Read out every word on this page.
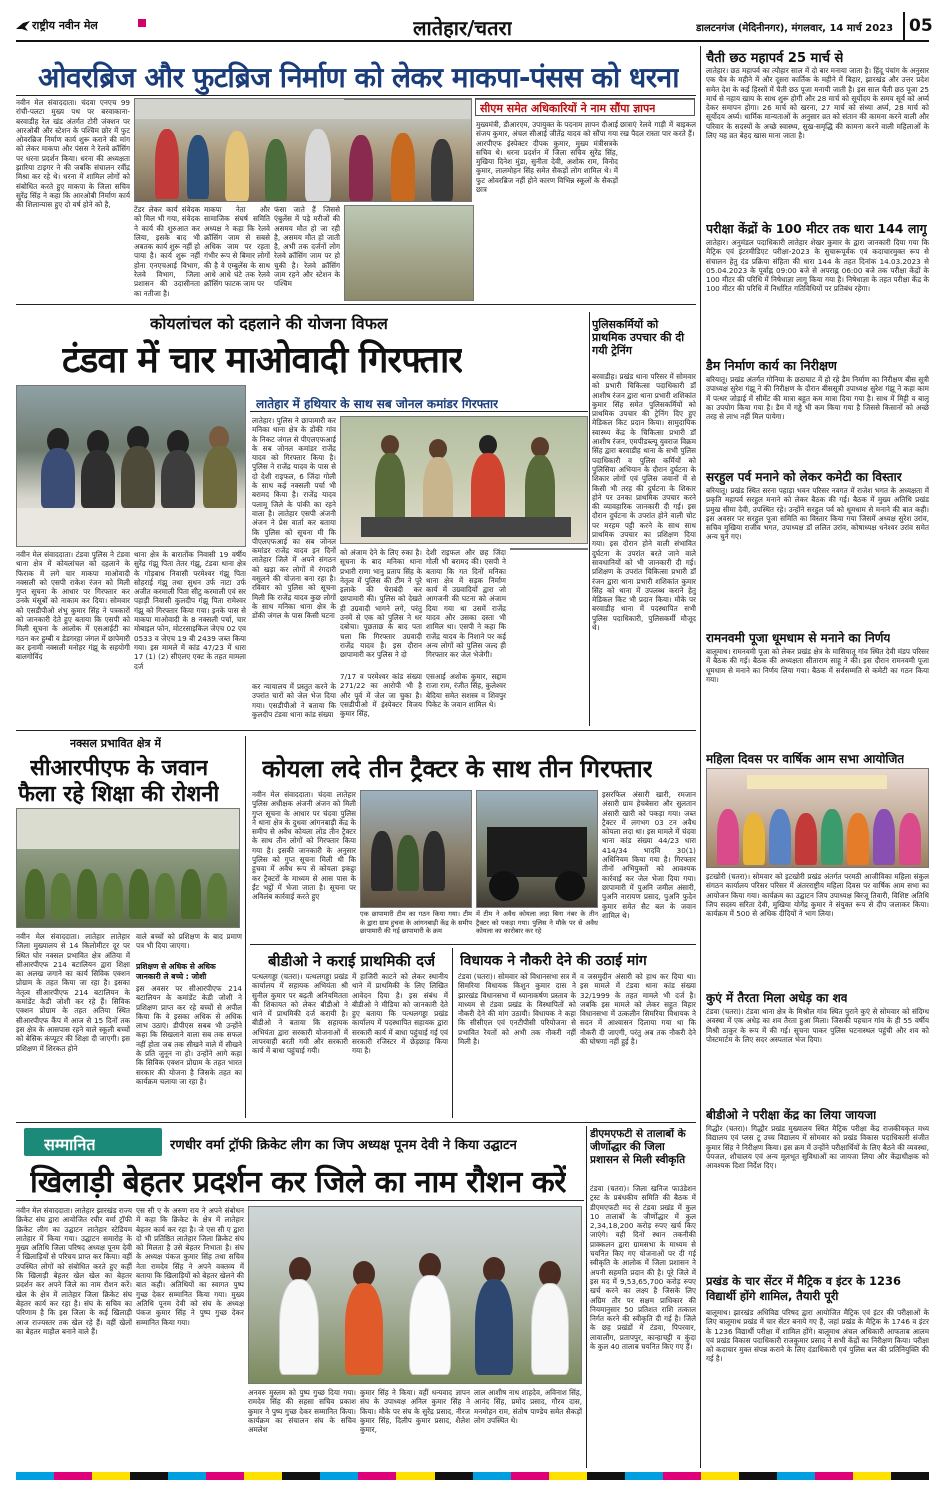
राष्ट्रीय नवीन मेल	लातेहार/चतरा	डालटनगंज (मेदिनीनगर), मंगलवार, 14 मार्च 2023 05
ओवरब्रिज और फुटब्रिज निर्माण को लेकर माकपा-पंसस को धरना
नवीन मेल संवाददाता। चंदवा एनएच 99 रांची-पलटा मुख्य पथ पर बरवाकाना- बरवाडीह रेल खंड अंतर्गत टोरी जंक्शन पर आरओबी और स्टेशन के पश्चिम छोर में फुट ओवरब्रिज निर्माण कार्य शुरू कराने की मांग को लेकर माकपा और पंसस ने रेलवे क्रॉसिंग पर धरना प्रदर्शन किया। धरना की अध्यक्षता झारिया टाइगर ने की जबकि संचालन रवींद्र मिश्रा कर रहे थे। धरना में शामिल लोगों को संबोधित करते हुए माकपा के जिला सचिव सुरेंद्र सिंह ने कहा कि आरओबी निर्माण कार्य की शिलान्यास हुए दो वर्ष होने को है,
सीएम समेत अधिकारियों ने नाम सौंपा ज्ञापन
टेंडर लेकर कार्य संवेदक को मिल भी गया, संवेदक ने कार्य की शुरुआत कर लिया, इसके बाद भी अबतक कार्य शुरू नहीं हो पाया है। कार्य शुरू नहीं होना एनएचआई विभाग, रेलवे विभाग, जिला प्रशासन की उदासीनता का नतीजा है।
माकपा नेता और सामाजिक संघर्ष समिति अध्यक्ष ने कहा कि रेलवे क्रॉसिंग जाम से सबसे अधिक जाम पर रहता गंभीर रूप से बिमार लोगों की है वे एम्बुलेंस के साथ आधे आधे घंटे तक रेलवे क्रॉसिंग फाटक जाम पर
फंसा जाते हैं जिससे एंबुलेंस में पड़े मरीजों की असमय मौत हो जा रही है, असमय मौत हो जाती है, अभी तक दर्जनों लोग रेलवे क्रॉसिंग जाम पर हो चुकी है। रेलवे क्रॉसिंग जाम रहने और स्टेशन के पश्चिम
मुख्यमंत्री, डीआरएम, उपायुक्त के पदनाम ज्ञापन दीआई संजय कुमार, अंचल सीआई जीतेंद्र यादव को सौंपा गया आरपीएफ इंस्पेक्टर दीपक कुमार, मुख्य मंत्रीसत्रके सचिव थे। धरना प्रदर्शन में जिला सचिव सुरेंद्र सिंह, मुखिया दिनेश मुंडा, सुनीता देवी, अशोक राम, विनोद कुमार, लालमोहन सिंह समेत सैकड़ों लोग शामिल थे। में फुट ओवरब्रिज नहीं होने कारण विभिन्न स्कूलों के सैकड़ों छात्र
छात्राएं रेलवे गाड़ी में बाइकल रख पैदल रास्ता पार करते हैं।
कोयलांचल को दहलाने की योजना विफल
टंडवा में चार माओवादी गिरफ्तार
नवीन मेल संवाददाता। टंडवा पुलिस ने टंडवा थाना क्षेत्र में कोयलांचल को दहलाने के फिराक में लगे चार माकपा माओवादी नक्सली को एसपी राकेश रंजन को मिली गुप्त सूचना के आधार पर गिरफ्तार कर उनके मंसूबों को नाकाम कर दिया। सोमवार को एसडीपीओ शंभु कुमार सिंह ने पत्रकारों को जानकारी देते हुए बताया कि एसपी को मिली सूचना के आलोक में एसआईटी का गठन कर हुम्बी व डेडगरहा जंगल में छापेमारी कर इनामी नक्सली मनोहर गंझू के सहयोगी बालगोविंद
थाना क्षेत्र के बारातोंक निवासी 19 वर्षीय सुरेंद्र गंझू पिता तेतर गंझू, टंडवा थाना क्षेत्र के गोड़बाध निवासी परमेश्वर गंझू पिता सोहराई गंझू तथा सुधन उर्फ नाटा उर्फ अजीत करमाली पिता सीटु करमाली एवं सर पहाड़ी निवासी कुलदीप गंझू पिता रामेश्वर गंझू को गिरफ्तार किया गया। इनके पास से माकपा माओवादी के 8 नक्सली पर्चा, चार मोबाइल फोन, मोटरसाइकिल जेएच 02 एव 0533 व जेएच 19 बी 2439 जब्त किया गया। इस मामले में कांड 47/23 में धारा 17 (1) (2) सीएलए एक्ट के तहत मामला दर्ज
लातेहार में हथियार के साथ सब जोनल कमांडर गिरफ्तार
लातेहार। पुलिस ने छापामारी कर मनिका थाना क्षेत्र के डोंकी गांव के निकट जंगल से पीएलएफआई के सब जोनल कमांडर राजेंद्र यादव को गिरफ्तार किया है। पुलिस ने राजेंद्र यादव के पास से दो देशी राइफल, 6 जिंदा गोली के साथ कई नक्सली पर्चा भी बरामद किया है। राजेंद्र यादव पलामू जिले के पांकी का रहने वाला है। लातेहार एसपी अंजनी अंजन ने प्रेस वार्ता कर बताया कि पुलिस को सूचना मी कि पीएलएफआई का सब जोनल कमांडर राजेंद्र यादव इन दिनों लातेहार जिले में अपने संगठन को खड़ा कर लोगों में रंगदारी वसूलने की योजना बना रहा है। रविवार को पुलिस को सूचना मिली कि राजेंद्र यादव कुछ लोगों के साथ मनिका थाना क्षेत्र के डोंकी जंगल के पास किसी घटना
को अंजाम देने के लिए रुका है। सूचना के बाद मनिका थाना प्रभारी राणा भानु प्रताप सिंह के नेतृत्व में पुलिस की टीम ने पूरे इलाके की घेराबंदी कर छापामारी की। पुलिस को देखते ही उग्रवादी भागने लगे, परंतु उनमें से एक को पुलिस ने धर दबोचा। पूछताछ के बाद पता चला कि गिरफ्तार उग्रवादी राजेंद्र यादव है। इस दौरान छापामारी कर पुलिस ने दो
देशी राइफल और छह जिंदा गोली भी बरामद की। एसपी ने बताया कि गत दिनों मनिका थाना क्षेत्र में सड़क निर्माण कार्य में उग्रवादियों द्वारा जो आगजनी की घटना को अंजाम दिया गया था उसमें राजेंद्र यादव और उसका दस्ता भी शामिल था। एसपी ने कहा कि राजेंद्र यादव के निशाने पर कई अन्य लोगों को पुलिस जल्द ही गिरफ्तार कर जेल भेजेगी।
कर न्यायालय में प्रस्तुत करने के उपरांत चारों को जेल भेज दिया गया। एसडीपीओ ने बताया कि कुलदीप टंडवा थाना कांड संख्या
7/17 व परमेश्वर कांड संख्या 271/22 का आरोपी भी है और पूर्व में जेल जा चुका है। एसडीपीओ में इंस्पेक्टर विजय कुमार सिंह,
एसआई अशोक कुमार, सद्दाम राजा राम, रंजीत सिंह, कुलेश्वर बेदिया समेत सशस्त्र व शिवपुर पिकेट के जवान शामिल थे।
पुलिसकर्मियों को प्राथमिक उपचार की दी गयी ट्रेनिंग
बरवाडीह। प्रखंड थाना परिसर में सोमवार को प्रभारी चिकित्सा पदाधिकारी डॉ आशीष रंजन द्वारा थाना प्रभारी शशिकांत कुमार सिंह समेत पुलिसकर्मियों को प्राथमिक उपचार की ट्रेनिंग दिए हुए मेडिकल किट प्रदान किया। सामुदायिक स्वास्थ्य केंद्र के चिकित्सा प्रभारी डॉ आशीष रंजन, एमपीडब्ल्यू युवराज विक्रम सिंह द्वारा बरवाडीह थाना के सभी पुलिस पदाधिकारी व पुलिस कर्मियों को पुलिसिया अभियान के दौरान दुर्घटना के शिकार लोगों एवं पुलिस जवानों में से किसी भी तरह की दुर्घटना के शिकार होने पर उनका प्राथमिक उपचार करने की व्यावहारिक जानकारी दी गई। इस दौरान दुर्घटना के उपरांत होने वाली चोट पर मरहम पट्टी करने के साथ साथ प्राथमिक उपचार का प्रशिक्षण दिया गया। इस दौरान होने वाली संभावित दुर्घटना के उपरांत बरते जाने वाले सावधानियों को भी जानकारी दी गई। प्रशिक्षण के उपरांत चिकित्सा प्रभारी डॉ रंजन द्वारा थाना प्रभारी शशिकांत कुमार सिंह को थाना में उपलब्ध कराने हेतु मेडिकल किट भी प्रदान किया। मौके पर बरवाडीह थाना में पदस्थापित सभी पुलिस पदाधिकारी, पुलिसकर्मी मौजूद थे।
नक्सल प्रभावित क्षेत्र में
सीआरपीएफ के जवान
फैला रहे शिक्षा की रोशनी
नवीन मेल संवाददाता। लातेहार लातेहार जिला मुख्यालय से 14 किलोमीटर दूर पर स्थित घोर नक्सल प्रभावित क्षेत्र अंतिया में सीआरपीएफ 214 बटालियन द्वारा शिक्षा का अलख जगाने का कार्य सिविक एक्शन प्रोग्राम के तहत किया जा रहा है। इसका नेतृत्व सीआरपीएफ 214 बटालियन के कमांडेंट केडी जोशी कर रहे हैं। सिविक एक्शन प्रोग्राम के तहत अतिया स्थित सीआरपीएफ कैंप में आज से 15 दिनों तक इस क्षेत्र के आसपास रहने वाले स्कूली बच्चों को बेसिक कंप्यूटर की शिक्षा दी जाएगी। इस प्रशिक्षण में शिरकत होने
वाले बच्चों को प्रशिक्षण के बाद प्रमाण पत्र भी दिया जाएगा।
प्रशिक्षण से अधिक से अधिक जानकारी ले बच्चे : जोशी
इस अवसर पर सीआरपीएफ 214 बटालियन के कमांडेंट केडी जोशी ने प्रशिक्षण प्राप्त कर रहे बच्चों से अपील किया कि वे इसका अधिक से अधिक लाभ उठाएं। डीपीएस सबब भी उन्होंने कहा कि सिखलाने वाला सब तक सफल नहीं होता जब तक सीखने वाले में सीखने के प्रति जुनून ना हो। उन्होंने आगे कहा कि सिविक एक्शन प्रोग्राम के तहत भारत सरकार की योजना है जिसके तहत का कार्यक्रम चलाया जा रहा है।
कोयला लदे तीन ट्रैक्टर के साथ तीन गिरफ्तार
नवीन मेल संवाददाता। चंदवा लातेहार पुलिस अधीक्षक अंजनी अंजन को मिली गुप्त सूचना के आधार पर चंदवा पुलिस ने थाना क्षेत्र के दुधवा आंगनबाड़ी केंद्र के समीप से अवैध कोयला लोड तीन ट्रैक्टर के साथ तीन लोगों को गिरफ्तार किया गया है। इसकी जानकारी के अनुसार पुलिस को गुप्त सूचना मिली थी कि हुचवा में अवैध रूप से कोयला इकट्ठा कर ट्रैक्टरों के माध्यम से आस पास के ईंट भट्ठों में भेजा जाता है। सूचना पर अविलंब कार्रवाई करते हुए
एक छापामारी टीम का गठन किया गया। टीम के द्वारा ग्राम हुचवा के आंगनबाड़ी केंद्र के समीप छापामारी की गई छापामारी के क्रम
में टीम ने अवैध कोयला लदा बिना नंबर के तीन ट्रैक्टर को पकड़ा गया। पुलिस ने मौके पर से अवैध कोयला का कारोबार कर रहे
इसरफिल अंसारी खारी, रमजान अंसारी ग्राम हेचबेसरा और सुलतान अंसारी खारी को पकड़ा गया। जब्त ट्रैक्टर में लगभग 03 टन अवैध कोयला लदा था। इस मामले में चंदवा थाना कांड संख्या 44/23 धारा 414/34 भादवि 30(1) अधिनियम किया गया है। गिरफ्तार तीनों अभियुक्तों को आवश्यक कार्रवाई कर जेल भेजा दिया गया। छापामारी में पुअनि जमील अंसारी, पुअनि नारायण प्रसाद, पुअनि फुदेन कुमार समेत सैट बल के जवान शामिल थे।
बीडीओ ने कराई प्राथमिकी दर्ज
पत्थलगड्डा (चतरा)। पत्थलगड्डा प्रखंड कार्यालय में सहायक अभियंता श्री सुनील कुमार पर बढ़ती अनियमितता की शिकायत को लेकर बीडीओ ने थाने में प्राथमिकी दर्ज करायी है। बीडीओ ने बताया कि सहायक अभियंता द्वारा सरकारी योजनाओं में लापरवाही बरती गयी और सरकारी कार्य में बाधा पहुंचाई गयी।
में हाजिरी काटने को लेकर स्थानीय थाने में प्राथमिकी के लिए लिखित आवेदन दिया है। इस संबंध में बीडीओ ने मीडिया को जानकारी देते हुए बताया कि पत्थलगड्डा प्रखंड कार्यालय में पदस्थापित सहायक द्वारा सरकारी कार्य में बाधा पहुंचाई गई एवं सरकारी रजिस्टर में छेड़छाड़ किया गया है।
विधायक ने नौकरी देने की उठाई मांग
टंडवा (चतरा)। सोमवार को विधानसभा सत्र में सिमरिया विधायक किशुन कुमार दास ने झारखंड विधानसभा में ध्यानाकर्षण प्रस्ताव के माध्यम से टंडवा प्रखंड के विस्थापितों को नौकरी देने की मांग उठायी। विधायक ने कहा कि सीसीएल एवं एनटीपीसी परियोजना से प्रभावित रैयतों को अभी तक नौकरी नहीं मिली है।
व जसमुदीन अंसारी को हाथ कर दिया था। इस मामले में टंडवा थाना कांड संख्या 32/1999 के तहत मामले भी दर्ज है। जबकि इस मामले को लेकर सहुत विहार विधानसभा में उत्कलीन सिमरिया विधायक ने सदन में आश्वासन दिलाया गया था कि नौकरी दी जाएगी, परंतु अब तक नौकरी देने की घोषणा नहीं हुई है।
सम्मानित	रणधीर वर्मा ट्रॉफी क्रिकेट लीग का जिप अध्यक्ष पूनम देवी ने किया उद्घाटन
खिलाड़ी बेहतर प्रदर्शन कर जिले का नाम रौशन करें
नवीन मेल संवाददाता। लातेहार झारखंड राज्य क्रिकेट संघ द्वारा आयोजित रघीर वर्मा ट्रॉफी क्रिकेट लीग का उद्घाटन लातेहार स्टेडियम लातेहार में किया गया। उद्घाटन समारोह के मुख्य अतिथि जिला परिषद अध्यक्ष पूनम देवी ने खिलाड़ियों से परिचय प्राप्त कर किया। वहीं उपस्थित लोगों को संबोधित करते हुए कहीं कि खिलाड़ी बेहतर खेल खेल का बेहतर प्रदर्शन कर अपने जिले का नाम रौशन करें। खेल के क्षेत्र में लातेहार जिला क्रिकेट संघ बेहतर कार्य कर रहा है। संघ के सचिव का परिणाम है कि इस जिला के कई खिलाड़ी आज राज्यस्तर तक खेल रहे हैं। वहीं खेलों का बेहतर माहौल बनाने वाले हैं।
एस सी ए के अरुण राय ने अपने संबोधन में कहा कि क्रिकेट के क्षेत्र में लातेहार बेहतर कार्य कर रहा है। जे एस सी ए द्वारा दो भी प्रतिष्ठित लातेहार जिला क्रिकेट संघ को मिलता है उसे बेहतर निभाता है। संघ के अध्यक्ष पंकज कुमार सिंह तथा सचिव नेता रामदेव सिंह ने अपने वक्तव्य में बताया कि खिलाड़ियों को बेहतर खेलने की बात कही। अतिथियों का स्वागत पुष्प गुच्छ देकर सम्मानित किया गया। मुख्य अतिथि पूनम देवी को संघ के अध्यक्ष पंकज कुमार सिंह ने पुष्प गुच्छ देकर सम्मानित किया गया।
अनवरु मुस्लम को पुष्प गुच्छ दिया गया। रामदेव सिंह की सहसा सचिव प्रकाश कुमार ने पुष्प गुच्छ देकर सम्मानित किया। कार्यक्रम का संचालन संघ के सचिव अमलेश
कुमार सिंह ने किया। वहीं धन्यवाद ज्ञापन संघ के उपाध्यक्ष अनिल कुमार सिंह ने किया। मौके पर संघ के सुरेंद्र प्रसाद, नीरज कुमार सिंह, दिलीप कुमार प्रसाद, शैलेश कुमार,
लाल आशीष नाथ शाहदेव, अविनाश सिंह, आनंद सिंह, प्रमोद प्रसाद, गौरव दास, मनमोहन राम, संतोष पाण्डेय समेत सैकड़ों लोग उपस्थित थे।
डीएमएफटी से तालाबों के जीर्णोद्धार की जिला प्रशासन से मिली स्वीकृति
टंडवा (चतरा)। जिला खनिज फाउंडेशन ट्रस्ट के प्रबंधकीय समिति की बैठक में डीएमएफटी मद से टंडवा प्रखंड में कुल 10 तालाबों के जीर्णोद्धार में कुल 2,34,18,200 करोड़ रुपए खर्च किए जाएंगे। वही दिनों स्थान तकनीकी प्राक्कलन द्वारा ग्रामसभा के माध्यम से चयनित किए गए योजनाओं पर दी गई स्वीकृति के आलोक में जिला प्रशासन ने अपनी सहमति प्रदान की है। पूरे जिले में इस मद में 9,53,65,700 करोड़ रुपए खर्च करने का लक्ष्य है जिसके लिए अग्रिम तौर पर सक्षम प्राधिकार की नियमानुसार 50 प्रतिशत राशि तत्काल निर्गत करने की स्वीकृति दी गई है। जिले के छह प्रखंडों में टंडवा, पिपरवार, लावालौंग, प्रतापपुर, कान्हाचट्टी व कुंदा के कुल 40 तालाब चयनित किए गए हैं।
चैती छठ महापर्व 25 मार्च से
लातेहार। छठ महापर्व का त्यौहार साल में दो बार मनाया जाता है। हिंदू पंचांग के अनुसार एक चैत्र के महीने में और दूसरा कार्तिक के महीने में बिहार, झारखंड और उत्तर प्रदेश समेत देश के कई हिस्सों में चैती छठ पूजा मनायी जाती है। इस साल चैती छठ पूजा 25 मार्च से नहाय खाय के साथ शुरू होगी और 28 मार्च को सूर्योदय के समय सूर्य को अर्घ्य देकर समापन होगा। 26 मार्च को खरना, 27 मार्च को संध्या अर्घ्य, 28 मार्च को सूर्योदय अर्घ्य। धार्मिक मान्यताओं के अनुसार व्रत को संतान की कामना करने वाली और परिवार के सदस्यों के अच्छे स्वास्थ्य, सुख-समृद्धि की कामना करने वाली महिलाओं के लिए यह व्रत बेहद खास माना जाता है।
परीक्षा केंद्रों के 100 मीटर तक धारा 144 लागू
लातेहार। अनुमंडल पदाधिकारी लातेहार शेखर कुमार के द्वारा जानकारी दिया गया कि मैट्रिक एवं इंटरमीडिएट परीक्षा-2023 के सुचारूपूर्वक एवं कदाचारमुक्त रूप से संचालन हेतु दंड प्रक्रिया संहिता की धारा 144 के तहत दिनांक 14.03.2023 से 05.04.2023 के पूर्वाह्न 09:00 बजे से अपराह्न 06:00 बजे तक परीक्षा केंद्रों के 100 मीटर की परिधि में निषेधाज्ञा लागू किया गया है। निषेधाज्ञा के तहत परीक्षा केंद्र के 100 मीटर की परिधि में निर्धारित गतिविधियों पर प्रतिबंध रहेगा।
डैम निर्माण कार्य का निरीक्षण
बरियातू। प्रखंड अंतर्गत गोनिया के छठाघाट में हो रहे डैम निर्माण का निरीक्षण बीस सूत्री उपाध्यक्ष सुरेश गंझू ने की निरीक्षण के दौरान बीससूत्री उपाध्यक्ष सुरेश गंझू ने कहा काम में पत्थर जोड़ाई में सीमेंट की मात्रा बहुत कम मात्रा दिया गया है। साथ में मिट्टी व बालू का उपयोग किया गया है। डैम में गड्ढे भी कम किया गया है जिससे किसानों को अच्छे तरह से लाभ नहीं मिल पायेगा।
सरहुल पर्व मनाने को लेकर कमेटी का विस्तार
बरियातू। प्रखंड स्थित सरना पहाड़ा भवन परिसर नवगत में राजेश भगत के अध्यक्षता में प्रकृति महापर्व सरहुल मनाने को लेकर बैठक की गई। बैठक में मुख्य अतिथि प्रखंड प्रमुख सीमा देवी, उपस्थित रहे। उन्होंने सरहुल पर्व को धूमधाम से मनाने की बात कही। इस अवसर पर सरहुल पूजा समिति का विस्तार किया गया जिसमें अध्यक्ष सुरेश उरांव, सचिव मुखिया राजीव भगत, उपाध्यक्ष डॉ ललित उरांव, कोषाध्यक्ष धनेश्वर उरांव समेत अन्य चुने गए।
रामनवमी पूजा धूमधाम से मनाने का निर्णय
बालूमाथ। रामनवमी पूजा को लेकर प्रखंड क्षेत्र के मासियातू गांव स्थित देवी मंडप परिसर में बैठक की गई। बैठक की अध्यक्षता सीताराम साहू ने की। इस दौरान रामनवमी पूजा धूमधाम से मनाने का निर्णय लिया गया। बैठक में सर्वसम्मति से कमेटी का गठन किया गया।
महिला दिवस पर वार्षिक आम सभा आयोजित
इटखोरी (चतरा)। सोमवार को इटखोरी प्रखंड अंतर्गत परमठी आजीविका महिला संकुल संगठन कार्यालय परिसर परिसर में अंतरराष्ट्रीय महिला दिवस पर वार्षिक आम सभा का आयोजन किया गया। कार्यक्रम का उद्घाटन जिप उपाध्यक्ष बिरजू तिवारी, विशिष्ट अतिथि जिप सदस्य सरिता देवी, मुखिया योगेंद्र कुमार ने संयुक्त रूप से दीप जलाकर किया। कार्यक्रम में 500 से अधिक दीदियों ने भाग लिया।
कुएं में तैरता मिला अधेड़ का शव
टंडवा (चतरा)। टंडवा थाना क्षेत्र के मिश्रौल गांव स्थित पुराने कुएं से सोमवार को संदिग्ध अवस्था में एक अधेड़ का शव तैरता हुआ मिला। जिसकी पहचान गांव के ही 55 वर्षीय मिश्री ठाकुर के रूप में की गई। सूचना पाकर पुलिस घटनास्थल पहुंची और शव को पोस्टमार्टम के लिए सदर अस्पताल भेज दिया।
बीडीओ ने परीक्षा केंद्र का लिया जायजा
गिद्धौर (चतरा)। गिद्धौर प्रखंड मुख्यालय स्थित मैट्रिक परीक्षा केंद्र राजकीयकृत मध्य विद्यालय एवं प्लस टू उच्च विद्यालय में सोमवार को प्रखंड विकास पदाधिकारी संजीत कुमार सिंह ने निरीक्षण किया। इस क्रम में उन्होंने परीक्षार्थियों के लिए बैठने की व्यवस्था, पेयजल, शौचालय एवं अन्य मूलभूत सुविधाओं का जायजा लिया और केंद्राधीक्षक को आवश्यक दिशा निर्देश दिए।
प्रखंड के चार सेंटर में मैट्रिक व इंटर के 1236 विद्यार्थी होंगे शामिल, तैयारी पूरी
बालूमाथ। झारखंड अधिविद्य परिषद द्वारा आयोजित मैट्रिक एवं इंटर की परीक्षाओं के लिए बालूमाथ प्रखंड में चार सेंटर बनाये गए हैं, जहां प्रखंड के मैट्रिक के 1746 व इंटर के 1236 विद्यार्थी परीक्षा में शामिल होंगे। बालूमाथ अंचल अधिकारी आफताब आलम एवं प्रखंड विकास पदाधिकारी राजकुमार प्रसाद ने सभी केंद्रों का निरीक्षण किया। परीक्षा को कदाचार मुक्त संपन्न कराने के लिए दंडाधिकारी एवं पुलिस बल की प्रतिनियुक्ति की गई है।
